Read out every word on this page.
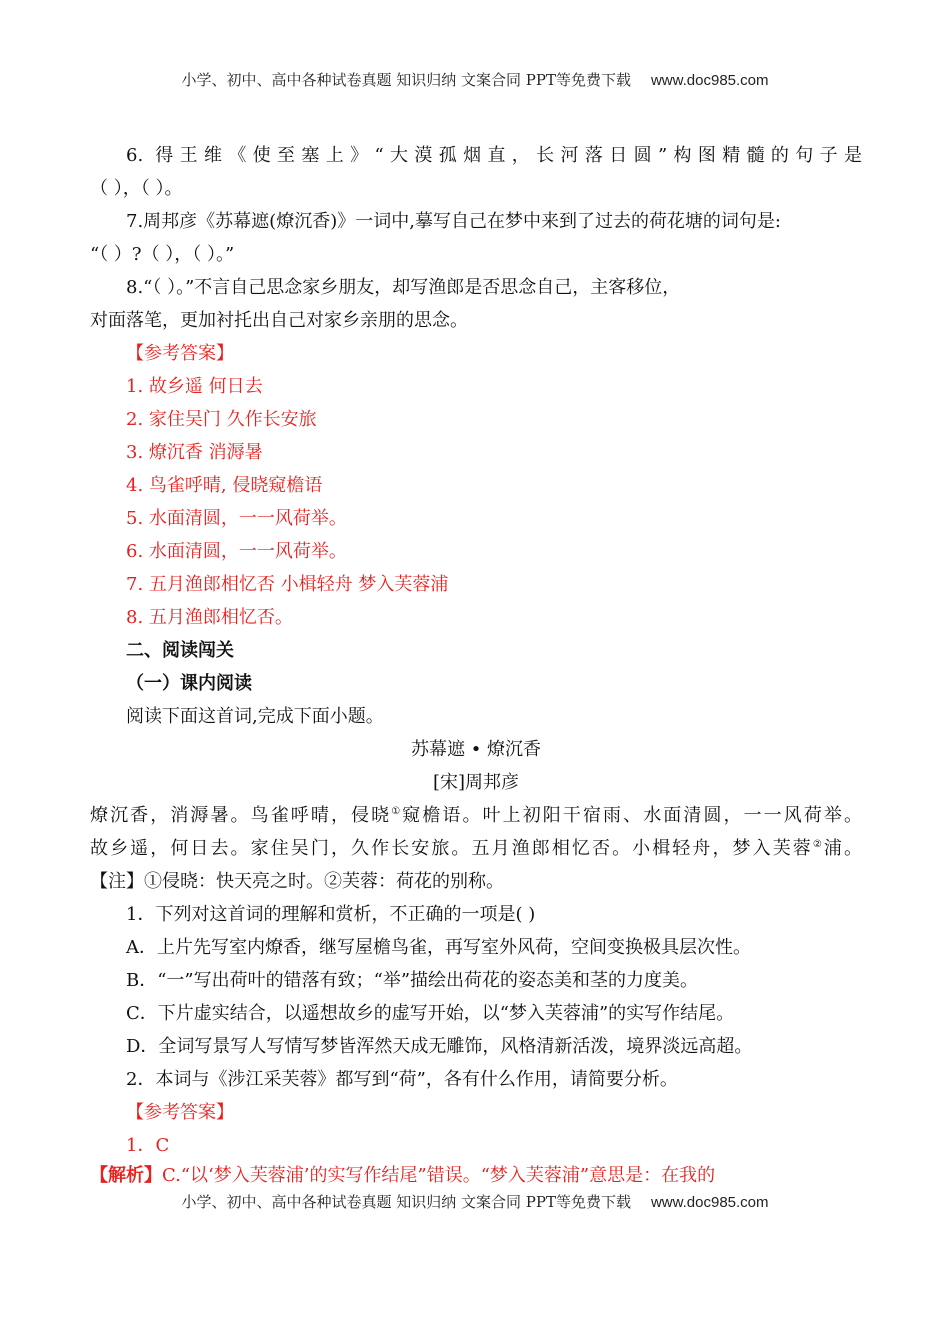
小学、初中、高中各种试卷真题 知识归纳 文案合同 PPT等免费下载 www.doc985.com
6. 得王维《使至塞上》“大漠孤烟直，长河落日圆”构图精髓的句子是
（ ），（ ）。
7.周邦彦《苏幕遮(燎沉香)》一词中,摹写自己在梦中来到了过去的荷花塘的词句是:
“（ ）?（ ），（ ）。”
8.“（ ）。”不言自己思念家乡朋友，却写渔郎是否思念自己，主客移位，
对面落笔，更加衬托出自己对家乡亲朋的思念。
【参考答案】
1. 故乡遥 何日去
2. 家住吴门 久作长安旅
3. 燎沉香 消溽暑
4. 鸟雀呼晴, 侵晓窥檐语
5. 水面清圆，一一风荷举。
6. 水面清圆，一一风荷举。
7. 五月渔郎相忆否 小楫轻舟 梦入芙蓉浦
8. 五月渔郎相忆否。
二、阅读闯关
（一）课内阅读
阅读下面这首词,完成下面小题。
苏幕遮 • 燎沉香
[宋]周邦彦
燎沉香，消溽暑。鸟雀呼晴，侵晓①窥檐语。叶上初阳干宿雨、水面清圆，一一风荷举。
故乡遥，何日去。家住吴门，久作长安旅。五月渔郎相忆否。小楫轻舟，梦入芙蓉②浦。
【注】①侵晓：快天亮之时。②芙蓉：荷花的别称。
1．下列对这首词的理解和赏析，不正确的一项是( )
A．上片先写室内燎香，继写屋檐鸟雀，再写室外风荷，空间变换极具层次性。
B．“一”写出荷叶的错落有致；“举”描绘出荷花的姿态美和茎的力度美。
C．下片虚实结合，以遥想故乡的虚写开始，以“梦入芙蓉浦”的实写作结尾。
D．全词写景写人写情写梦皆浑然天成无雕饰，风格清新活泼，境界淡远高超。
2．本词与《涉江采芙蓉》都写到“荷”，各有什么作用，请简要分析。
【参考答案】
1．C
【解析】C.“以‘梦入芙蓉浦’的实写作结尾”错误。“梦入芙蓉浦”意思是：在我的
小学、初中、高中各种试卷真题 知识归纳 文案合同 PPT等免费下载 www.doc985.com
